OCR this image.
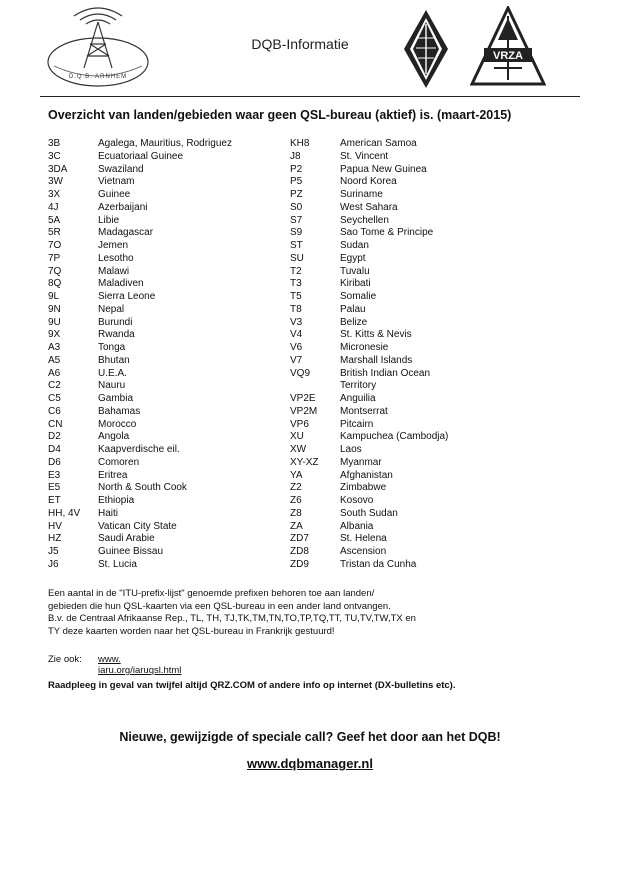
D.Q.B. ARNHEM
DQB-Informatie
VRZA
Overzicht van landen/gebieden waar geen QSL-bureau (aktief) is. (maart-2015)
3B	Agalega, Mauritius, Rodriguez
3C	Ecuatoriaal Guinee
3DA	Swaziland
3W	Vietnam
3X	Guinee
4J	Azerbaijani
5A	Libie
5R	Madagascar
7O	Jemen
7P	Lesotho
7Q	Malawi
8Q	Maladiven
9L	Sierra Leone
9N	Nepal
9U	Burundi
9X	Rwanda
A3	Tonga
A5	Bhutan
A6	U.E.A.
C2	Nauru
C5	Gambia
C6	Bahamas
CN	Morocco
D2	Angola
D4	Kaapverdische eil.
D6	Comoren
E3	Eritrea
E5	North & South Cook
ET	Ethiopia
HH, 4V Haiti
HV	Vatican City State
HZ	Saudi Arabie
J5	Guinee Bissau
J6	St. Lucia
KH8	American Samoa
J8	St. Vincent
P2	Papua New Guinea
P5	Noord Korea
PZ	Suriname
S0	West Sahara
S7	Seychellen
S9	Sao Tome & Principe
ST	Sudan
SU	Egypt
T2	Tuvalu
T3	Kiribati
T5	Somalie
T8	Palau
V3	Belize
V4	St. Kitts & Nevis
V6	Micronesie
V7	Marshall Islands
VQ9	British Indian Ocean
Territory
VP2E Anguilia
VP2M Montserrat
VP6	Pitcairn
XU	Kampuchea (Cambodja)
XW	Laos
XY-XZ Myanmar
YA	Afghanistan
Z2	Zimbabwe
Z6	Kosovo
Z8	South Sudan
ZA	Albania
ZD7	St. Helena
ZD8	Ascension
ZD9	Tristan da Cunha

Een aantal in de "ITU-prefix-lijst" genoemde prefixen behoren toe aan landen/

gebieden die hun QSL-kaarten via een QSL-bureau in een ander land ontvangen.

B.v. de Centraal Afrikaanse Rep., TL, TH, TJ,TK,TM,TN,TO,TP,TQ,TT, TU,TV,TW,TX en

TY deze kaarten worden naar het QSL-bureau in Frankrijk gestuurd!

Zie ook: www. iaru.org/iaruqsl.html
Raadpleeg in geval van twijfel altijd QRZ.COM of andere info op internet (DX-bulletins etc).
Nieuwe, gewijzigde of speciale call? Geef het door aan het DQB!
www.dqbmanager.nl
